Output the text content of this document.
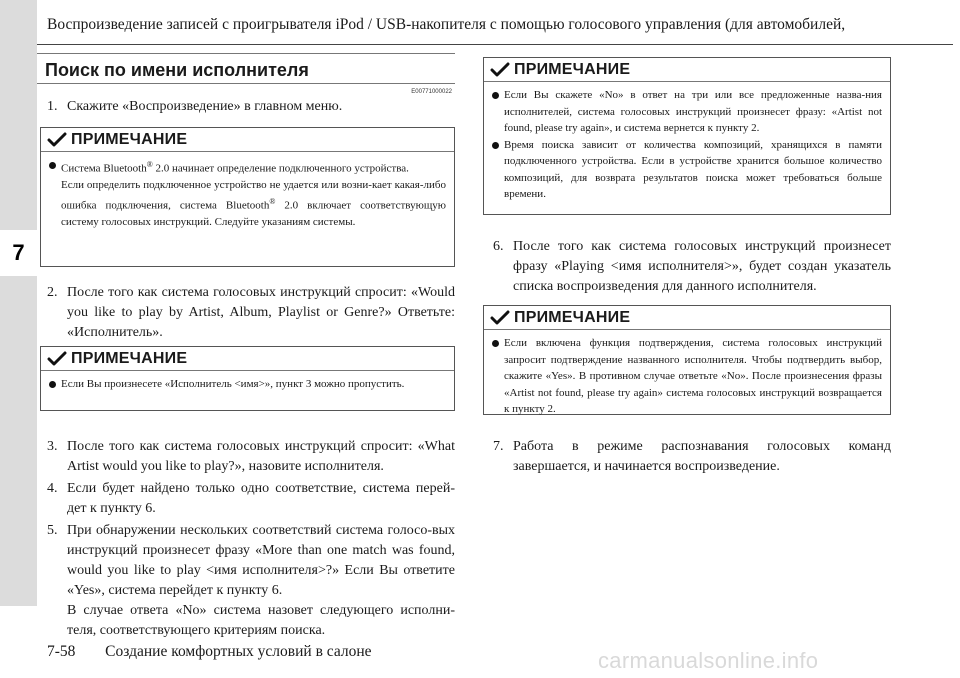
7
Воспроизведение записей с проигрывателя iPod / USB-накопителя с помощью голосового управления (для автомобилей,
Поиск по имени исполнителя
E00771000022
1. Скажите «Воспроизведение» в главном меню.
ПРИМЕЧАНИЕ

Система Bluetooth® 2.0 начинает определение подключенного устройства.

Если определить подключенное устройство не удается или возни-кает какая-либо ошибка подключения, система Bluetooth® 2.0 включает соответствующую систему голосовых инструкций. Следуйте указаниям системы.

2. После того как система голосовых инструкций спросит: «Would you like to play by Artist, Album, Playlist or Genre?» Ответьте: «Исполнитель».
ПРИМЕЧАНИЕ

Если Вы произнесете «Исполнитель <имя>», пункт 3 можно пропустить.

3. После того как система голосовых инструкций спросит: «What Artist would you like to play?», назовите исполнителя.
4. Если будет найдено только одно соответствие, система перей-дет к пункту 6.
5. При обнаружении нескольких соответствий система голосо-вых инструкций произнесет фразу «More than one match was found, would you like to play <имя исполнителя>?» Если Вы ответите «Yes», система перейдет к пункту 6.
В случае ответа «No» система назовет следующего исполни-теля, соответствующего критериям поиска.
ПРИМЕЧАНИЕ

Если Вы скажете «No» в ответ на три или все предложенные назва-ния исполнителей, система голосовых инструкций произнесет фразу: «Artist not found, please try again», и система вернется к пункту 2.

Время поиска зависит от количества композиций, хранящихся в памяти подключенного устройства. Если в устройстве хранится большое количество композиций, для возврата результатов поиска может требоваться больше времени.

6. После того как система голосовых инструкций произнесет фразу «Playing <имя исполнителя>», будет создан указатель списка воспроизведения для данного исполнителя.
ПРИМЕЧАНИЕ

Если включена функция подтверждения, система голосовых инструкций запросит подтверждение названного исполнителя. Чтобы подтвердить выбор, скажите «Yes». В противном случае ответьте «No». После произнесения фразы «Artist not found, please try again» система голосовых инструкций возвращается к пункту 2.

7. Работа в режиме распознавания голосовых команд завершается, и начинается воспроизведение.
7-58 Создание комфортных условий в салоне	carmanualsonline.info
